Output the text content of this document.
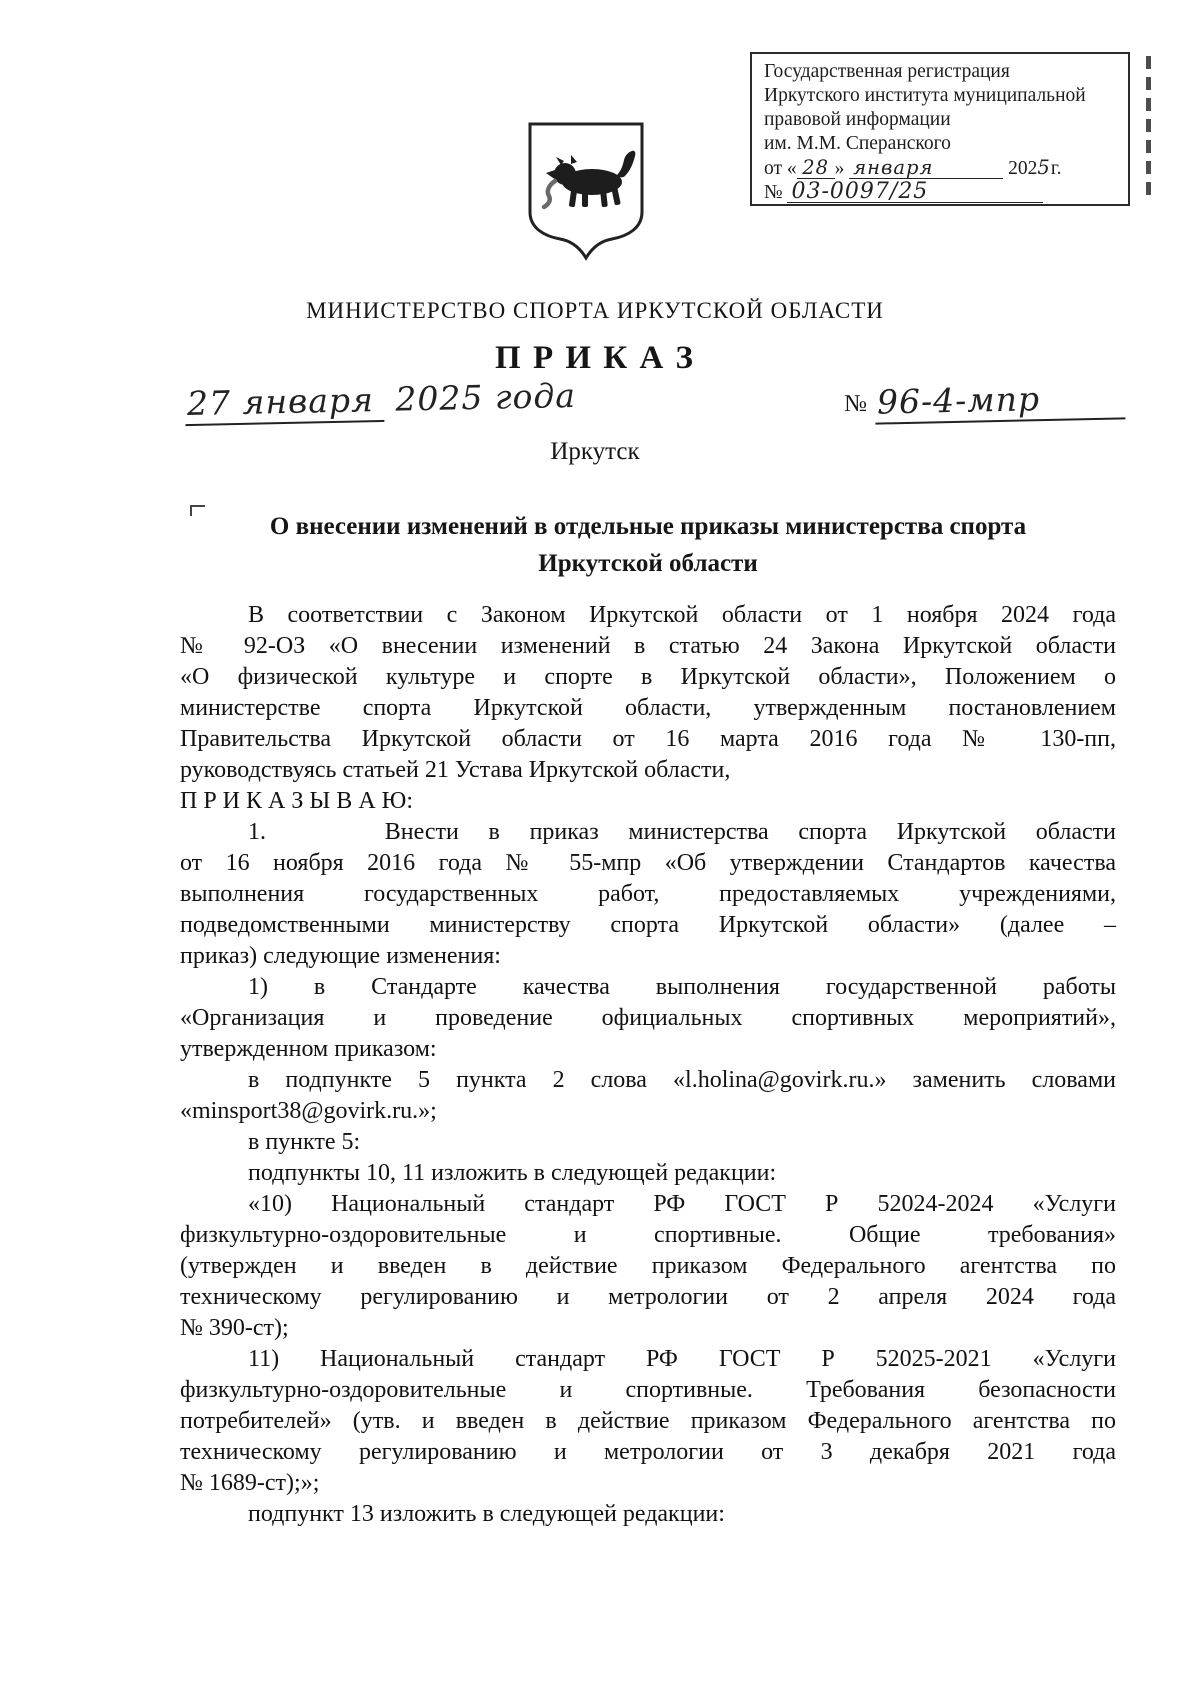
Государственная регистрация
Иркутского института муниципальной
правовой информации
им. М.М. Сперанского
от « 28 » января	2025г.
№ 03-0097/25
МИНИСТЕРСТВО СПОРТА ИРКУТСКОЙ ОБЛАСТИ
П Р И К А З
27 января 2025 года	№ 96-4-мпр
Иркутск
О внесении изменений в отдельные приказы министерства спорта
Иркутской области
В соответствии с Законом Иркутской области от 1 ноября 2024 года
№ 92-ОЗ «О внесении изменений в статью 24 Закона Иркутской области
«О физической культуре и спорте в Иркутской области», Положением о
министерстве спорта Иркутской области, утвержденным постановлением
Правительства Иркутской области от 16 марта 2016 года № 130-пп,
руководствуясь статьей 21 Устава Иркутской области,
П Р И К А З Ы В А Ю:
1.    Внести в приказ министерства спорта Иркутской области
от 16 ноября 2016 года № 55-мпр «Об утверждении Стандартов качества
выполнения государственных работ, предоставляемых учреждениями,
подведомственными министерству спорта Иркутской области» (далее –
приказ) следующие изменения:
1) в Стандарте качества выполнения государственной работы
«Организация и проведение официальных спортивных мероприятий»,
утвержденном приказом:
в подпункте 5 пункта 2 слова «l.holina@govirk.ru.» заменить словами
«minsport38@govirk.ru.»;
в пункте 5:
подпункты 10, 11 изложить в следующей редакции:
«10) Национальный стандарт РФ ГОСТ Р 52024-2024 «Услуги
физкультурно-оздоровительные и спортивные. Общие требования»
(утвержден и введен в действие приказом Федерального агентства по
техническому регулированию и метрологии от 2 апреля 2024 года
№ 390-ст);
11) Национальный стандарт РФ ГОСТ Р 52025-2021 «Услуги
физкультурно-оздоровительные и спортивные. Требования безопасности
потребителей» (утв. и введен в действие приказом Федерального агентства по
техническому регулированию и метрологии от 3 декабря 2021 года
№ 1689-ст);»;
подпункт 13 изложить в следующей редакции:
